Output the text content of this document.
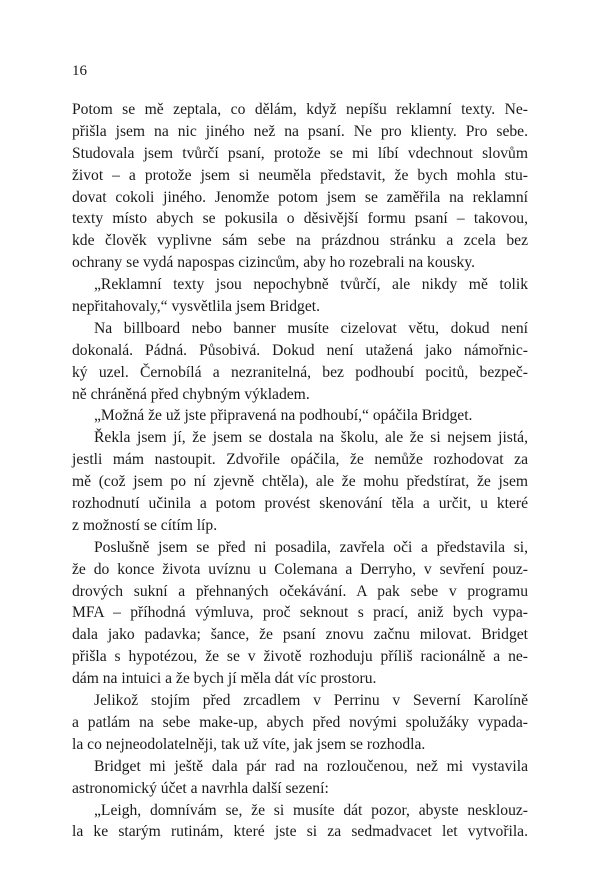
16

Potom se mě zeptala, co dělám, když nepíšu reklamní texty. Ne-
přišla jsem na nic jiného než na psaní. Ne pro klienty. Pro sebe.
Studovala jsem tvůrčí psaní, protože se mi líbí vdechnout slovům
život – a protože jsem si neuměla představit, že bych mohla stu-
dovat cokoli jiného. Jenomže potom jsem se zaměřila na reklamní
texty místo abych se pokusila o děsivější formu psaní – takovou,
kde člověk vyplivne sám sebe na prázdnou stránku a zcela bez
ochrany se vydá napospas cizincům, aby ho rozebrali na kousky.
„Reklamní texty jsou nepochybně tvůrčí, ale nikdy mě tolik
nepřitahovaly,“ vysvětlila jsem Bridget.
Na billboard nebo banner musíte cizelovat větu, dokud není
dokonalá. Pádná. Působivá. Dokud není utažená jako námořnic-
ký uzel. Černobílá a nezranitelná, bez podhoubí pocitů, bezpeč-
ně chráněná před chybným výkladem.
„Možná že už jste připravená na podhoubí,“ opáčila Bridget.
Řekla jsem jí, že jsem se dostala na školu, ale že si nejsem jistá,
jestli mám nastoupit. Zdvořile opáčila, že nemůže rozhodovat za
mě (což jsem po ní zjevně chtěla), ale že mohu předstírat, že jsem
rozhodnutí učinila a potom provést skenování těla a určit, u které
z možností se cítím líp.
Poslušně jsem se před ni posadila, zavřela oči a představila si,
že do konce života uvíznu u Colemana a Derryho, v sevření pouz-
drových sukní a přehnaných očekávání. A pak sebe v programu
MFA – příhodná výmluva, proč seknout s prací, aniž bych vypa-
dala jako padavka; šance, že psaní znovu začnu milovat. Bridget
přišla s hypotézou, že se v životě rozhoduju příliš racionálně a ne-
dám na intuici a že bych jí měla dát víc prostoru.
Jelikož stojím před zrcadlem v Perrinu v Severní Karolíně
a patlám na sebe make-up, abych před novými spolužáky vypada-
la co nejneodolatelněji, tak už víte, jak jsem se rozhodla.
Bridget mi ještě dala pár rad na rozloučenou, než mi vystavila
astronomický účet a navrhla další sezení:
„Leigh, domnívám se, že si musíte dát pozor, abyste nesklouz-
la ke starým rutinám, které jste si za sedmadvacet let vytvořila.
